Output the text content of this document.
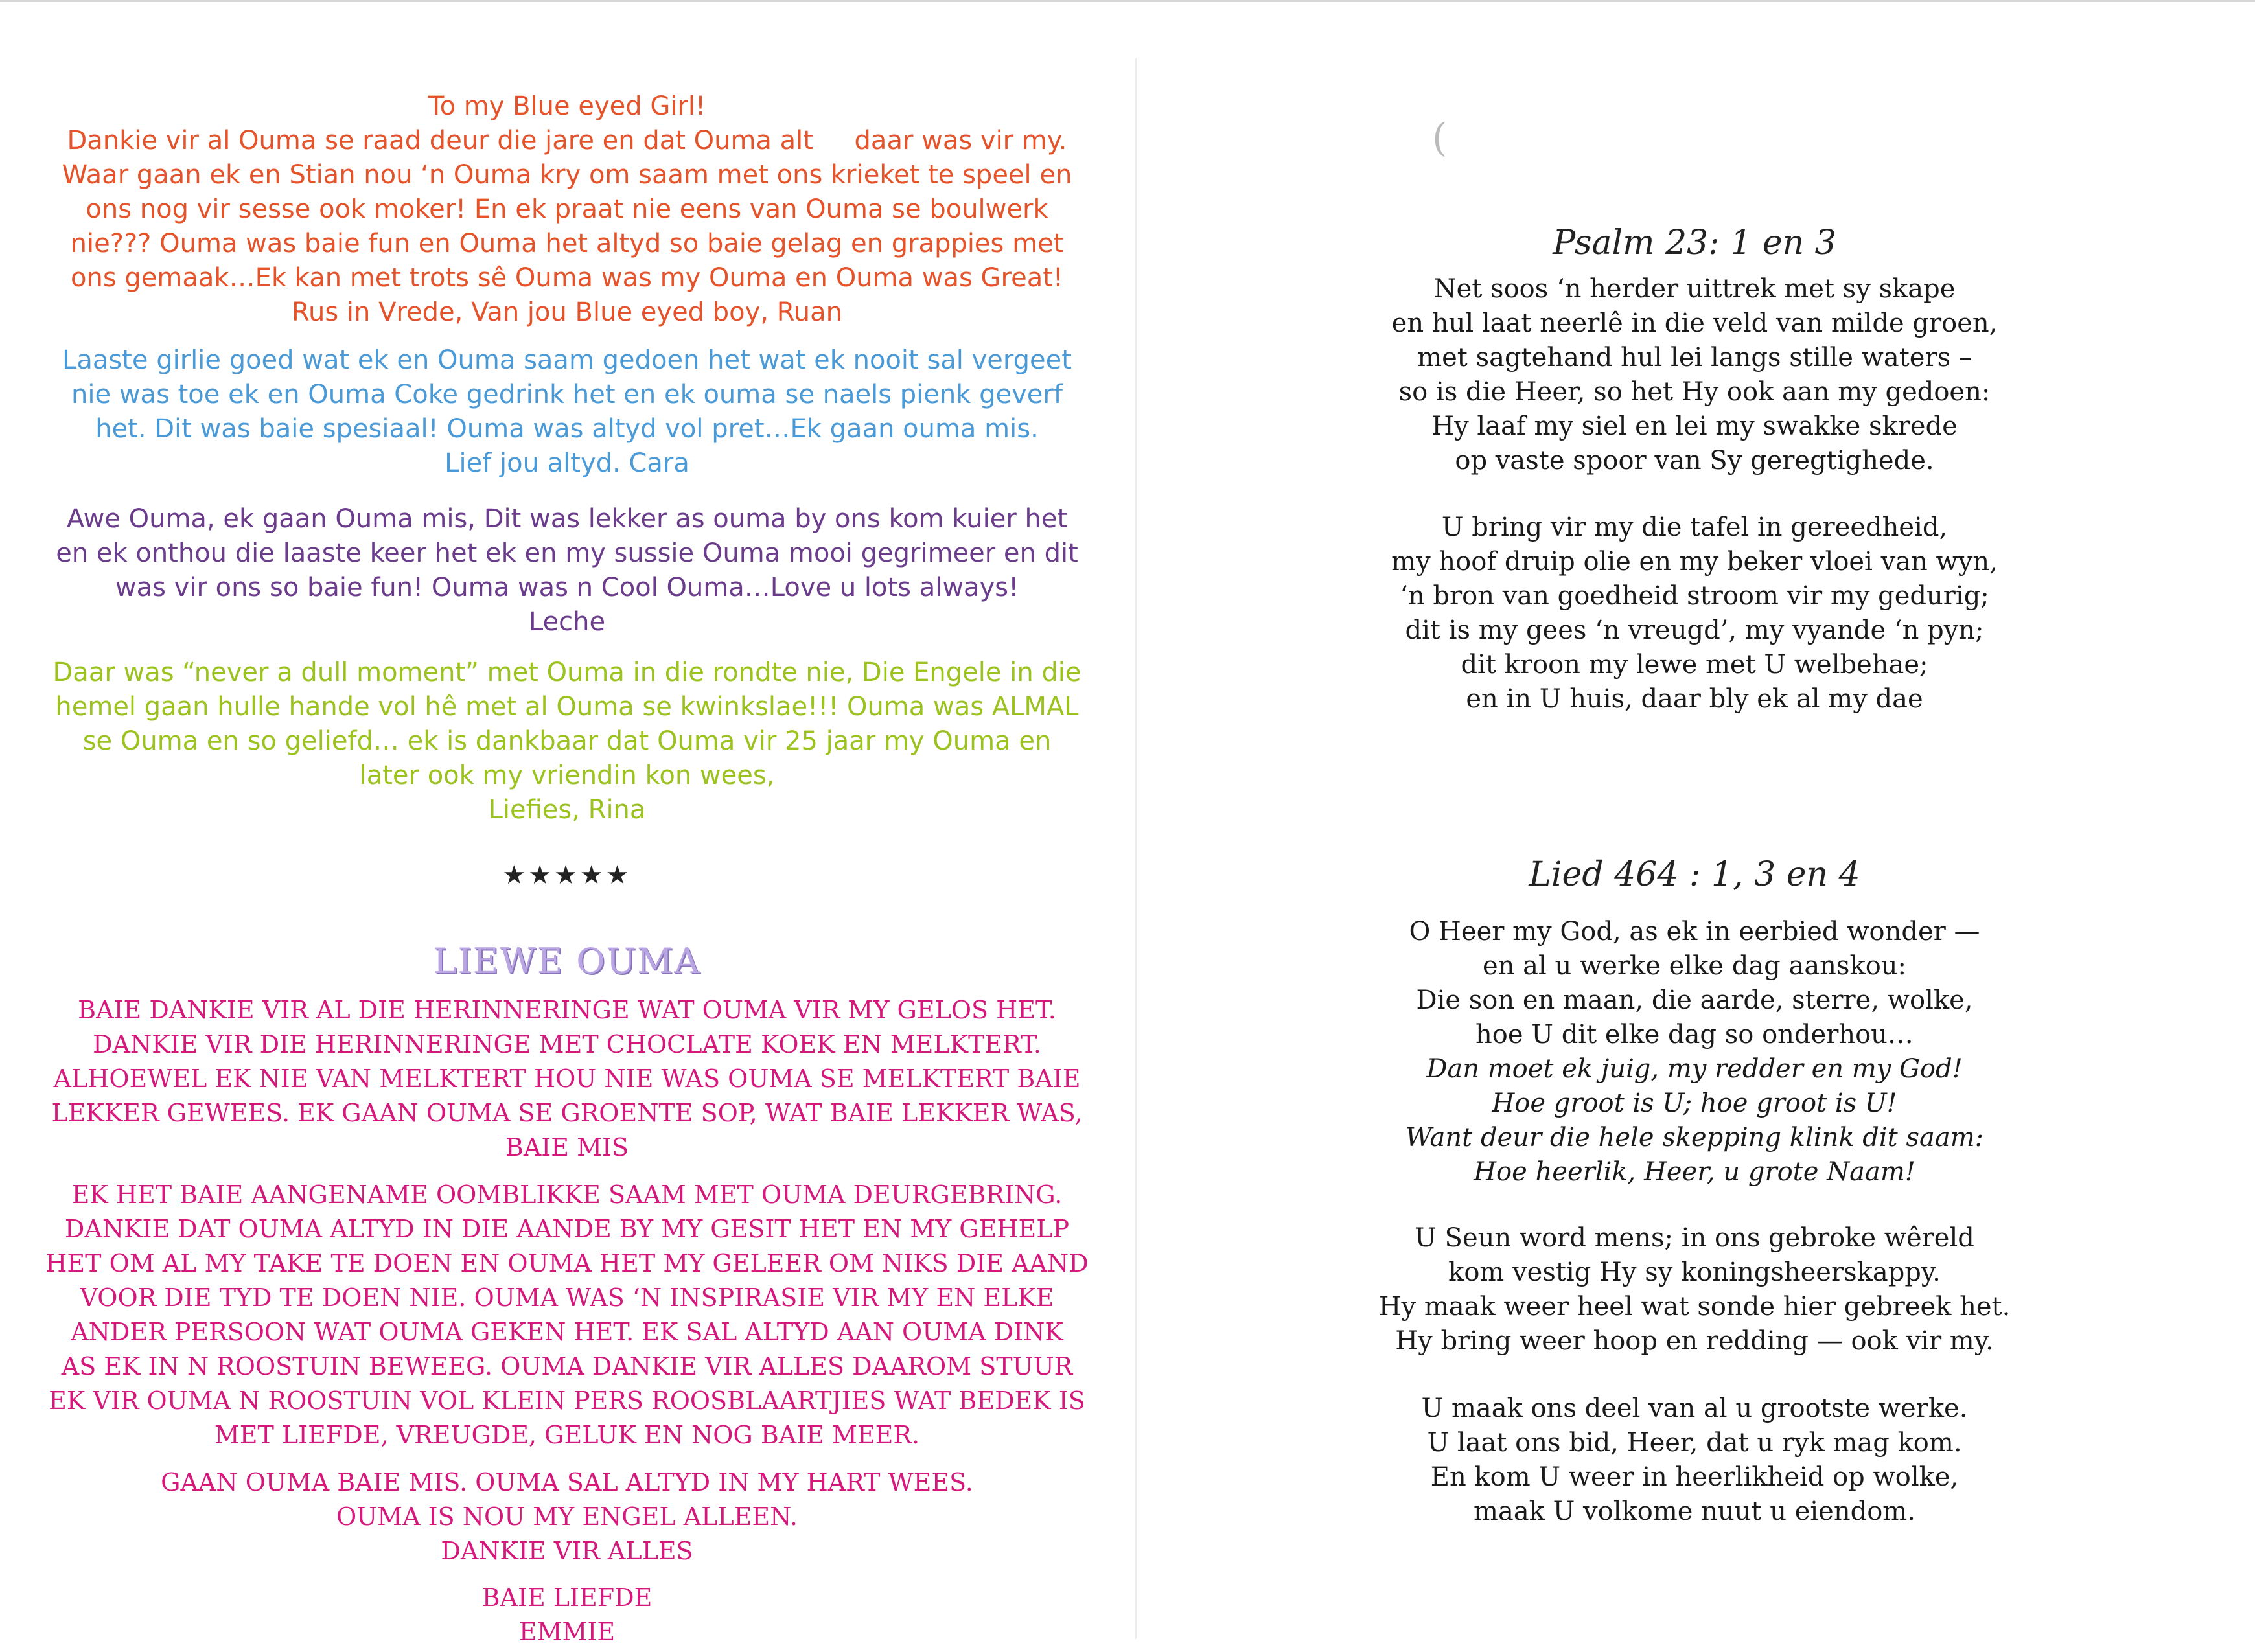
To my Blue eyed Girl!

Dankie vir al Ouma se raad deur die jare en dat Ouma alt     daar was vir my.

Waar gaan ek en Stian nou ‘n Ouma kry om saam met ons krieket te speel en

ons nog vir sesse ook moker! En ek praat nie eens van Ouma se boulwerk

nie??? Ouma was baie fun en Ouma het altyd so baie gelag en grappies met

ons gemaak…Ek kan met trots sê Ouma was my Ouma en Ouma was Great!

Rus in Vrede, Van jou Blue eyed boy, Ruan

Laaste girlie goed wat ek en Ouma saam gedoen het wat ek nooit sal vergeet

nie was toe ek en Ouma Coke gedrink het en ek ouma se naels pienk geverf

het. Dit was baie spesiaal! Ouma was altyd vol pret…Ek gaan ouma mis.

Lief jou altyd. Cara

Awe Ouma, ek gaan Ouma mis, Dit was lekker as ouma by ons kom kuier het

en ek onthou die laaste keer het ek en my sussie Ouma mooi gegrimeer en dit

was vir ons so baie fun! Ouma was n Cool Ouma…Love u lots always!

Leche

Daar was “never a dull moment” met Ouma in die rondte nie, Die Engele in die

hemel gaan hulle hande vol hê met al Ouma se kwinkslae!!! Ouma was ALMAL

se Ouma en so geliefd… ek is dankbaar dat Ouma vir 25 jaar my Ouma en

later ook my vriendin kon wees,

Liefies, Rina

★★★★★
LIEWE OUMA

BAIE DANKIE VIR AL DIE HERINNERINGE WAT OUMA VIR MY GELOS HET.

DANKIE VIR DIE HERINNERINGE MET CHOCLATE KOEK EN MELKTERT.

ALHOEWEL EK NIE VAN MELKTERT HOU NIE WAS OUMA SE MELKTERT BAIE

LEKKER GEWEES. EK GAAN OUMA SE GROENTE SOP, WAT BAIE LEKKER WAS,

BAIE MIS

EK HET BAIE AANGENAME OOMBLIKKE SAAM MET OUMA DEURGEBRING.

DANKIE DAT OUMA ALTYD IN DIE AANDE BY MY GESIT HET EN MY GEHELP

HET OM AL MY TAKE TE DOEN EN OUMA HET MY GELEER OM NIKS DIE AAND

VOOR DIE TYD TE DOEN NIE. OUMA WAS ‘N INSPIRASIE VIR MY EN ELKE

ANDER PERSOON WAT OUMA GEKEN HET. EK SAL ALTYD AAN OUMA DINK

AS EK IN N ROOSTUIN BEWEEG. OUMA DANKIE VIR ALLES DAAROM STUUR

EK VIR OUMA N ROOSTUIN VOL KLEIN PERS ROOSBLAARTJIES WAT BEDEK IS

MET LIEFDE, VREUGDE, GELUK EN NOG BAIE MEER.

GAAN OUMA BAIE MIS. OUMA SAL ALTYD IN MY HART WEES.

OUMA IS NOU MY ENGEL ALLEEN.

DANKIE VIR ALLES

BAIE LIEFDE

EMMIE

(
Psalm 23: 1 en 3

Net soos ‘n herder uittrek met sy skape

en hul laat neerlê in die veld van milde groen,

met sagtehand hul lei langs stille waters –

so is die Heer, so het Hy ook aan my gedoen:

Hy laaf my siel en lei my swakke skrede

op vaste spoor van Sy geregtighede.

U bring vir my die tafel in gereedheid,

my hoof druip olie en my beker vloei van wyn,

‘n bron van goedheid stroom vir my gedurig;

dit is my gees ‘n vreugd’, my vyande ‘n pyn;

dit kroon my lewe met U welbehae;

en in U huis, daar bly ek al my dae

Lied 464 : 1, 3 en 4

O Heer my God, as ek in eerbied wonder —

en al u werke elke dag aanskou:

Die son en maan, die aarde, sterre, wolke,

hoe U dit elke dag so onderhou…

Dan moet ek juig, my redder en my God!

Hoe groot is U; hoe groot is U!

Want deur die hele skepping klink dit saam:

Hoe heerlik, Heer, u grote Naam!

U Seun word mens; in ons gebroke wêreld

kom vestig Hy sy koningsheerskappy.

Hy maak weer heel wat sonde hier gebreek het.

Hy bring weer hoop en redding — ook vir my.

U maak ons deel van al u grootste werke.

U laat ons bid, Heer, dat u ryk mag kom.

En kom U weer in heerlikheid op wolke,

maak U volkome nuut u eiendom.
